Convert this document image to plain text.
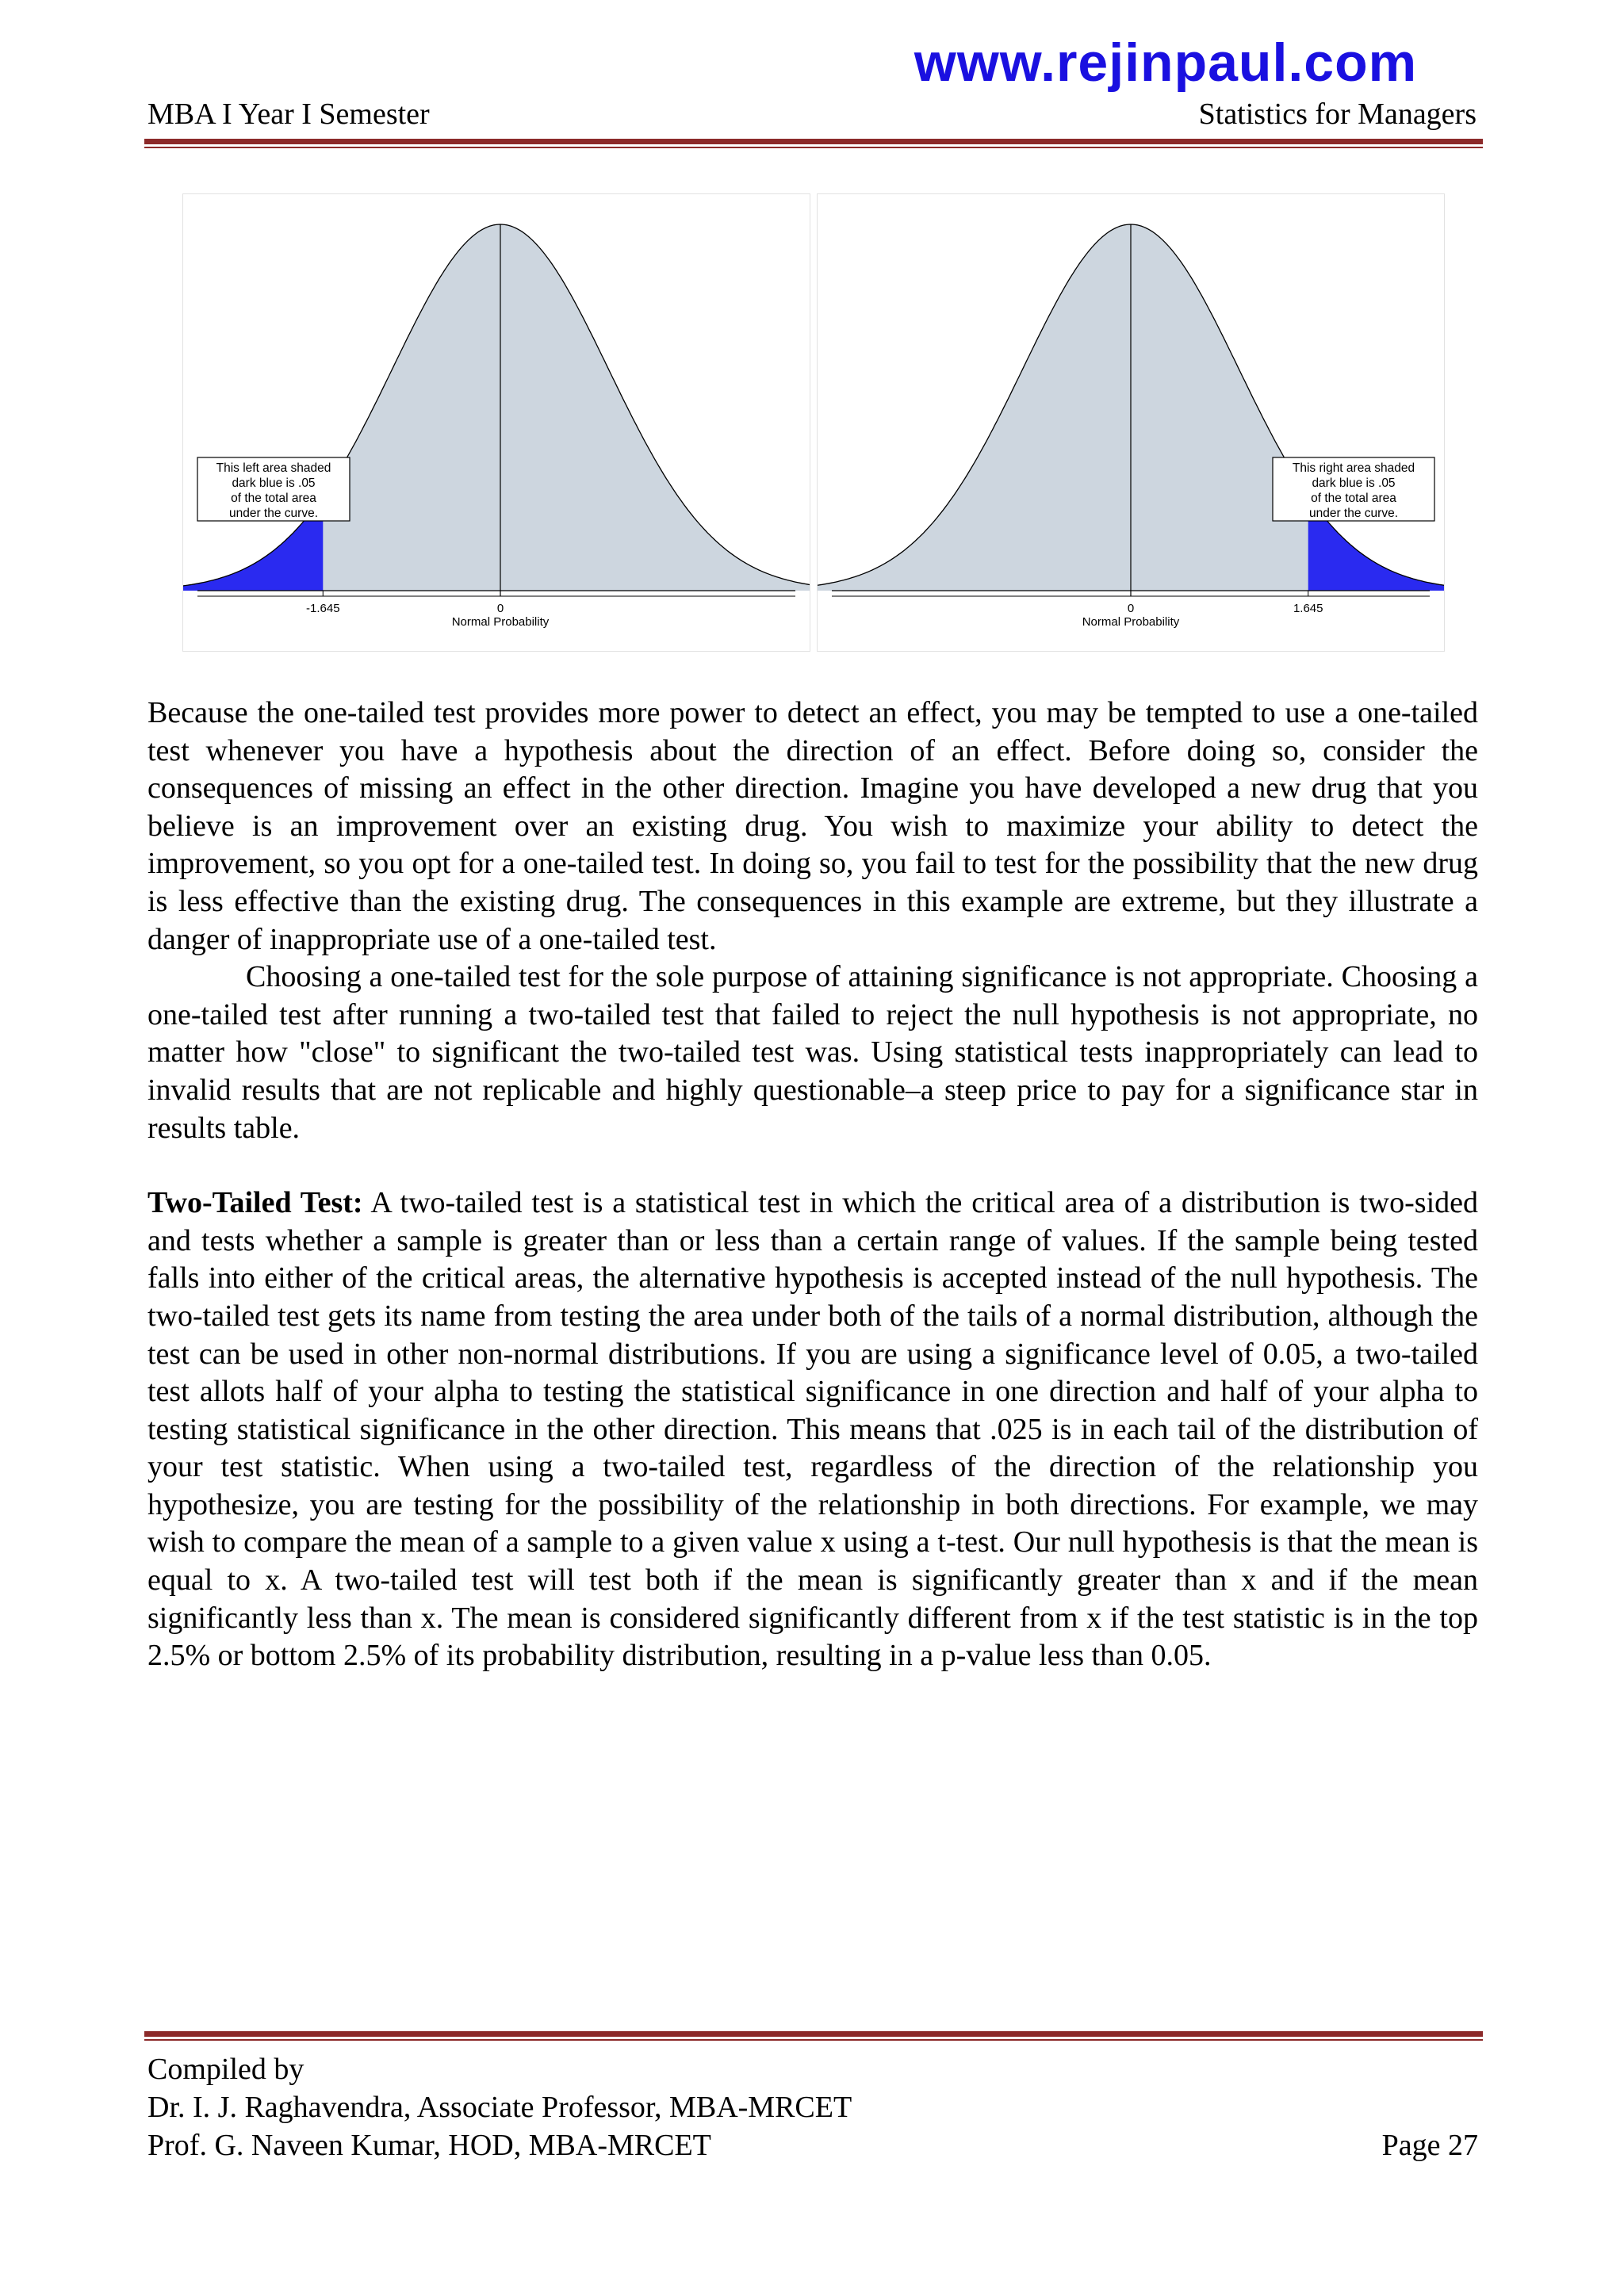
www.rejinpaul.com
MBA I Year I Semester	Statistics for Managers
This left area shaded
dark blue is .05
of the total area
under the curve.
-1.645	0
Normal Probability
This right area shaded
dark blue is .05
of the total area
under the curve.
1.645
0
Normal Probability

Because the one-tailed test provides more power to detect an effect, you may be tempted to use a one-tailed test whenever you have a hypothesis about the direction of an effect. Before doing so, consider the consequences of missing an effect in the other direction. Imagine you have developed a new drug that you believe is an improvement over an existing drug. You wish to maximize your ability to detect the improvement, so you opt for a one-tailed test. In doing so, you fail to test for the possibility that the new drug is less effective than the existing drug. The consequences in this example are extreme, but they illustrate a danger of inappropriate use of a one-tailed test.

Choosing a one-tailed test for the sole purpose of attaining significance is not appropriate. Choosing a one-tailed test after running a two-tailed test that failed to reject the null hypothesis is not appropriate, no matter how "close" to significant the two-tailed test was. Using statistical tests inappropriately can lead to invalid results that are not replicable and highly questionable–a steep price to pay for a significance star in results table.

Two-Tailed Test: A two-tailed test is a statistical test in which the critical area of a distribution is two-sided and tests whether a sample is greater than or less than a certain range of values. If the sample being tested falls into either of the critical areas, the alternative hypothesis is accepted instead of the null hypothesis. The two-tailed test gets its name from testing the area under both of the tails of a normal distribution, although the test can be used in other non-normal distributions. If you are using a significance level of 0.05, a two-tailed test allots half of your alpha to testing the statistical significance in one direction and half of your alpha to testing statistical significance in the other direction. This means that .025 is in each tail of the distribution of your test statistic. When using a two-tailed test, regardless of the direction of the relationship you hypothesize, you are testing for the possibility of the relationship in both directions. For example, we may wish to compare the mean of a sample to a given value x using a t-test. Our null hypothesis is that the mean is equal to x. A two-tailed test will test both if the mean is significantly greater than x and if the mean significantly less than x. The mean is considered significantly different from x if the test statistic is in the top 2.5% or bottom 2.5% of its probability distribution, resulting in a p-value less than 0.05.

Compiled by
Dr. I. J. Raghavendra, Associate Professor, MBA-MRCET
Prof. G. Naveen Kumar, HOD, MBA-MRCET	Page 27
